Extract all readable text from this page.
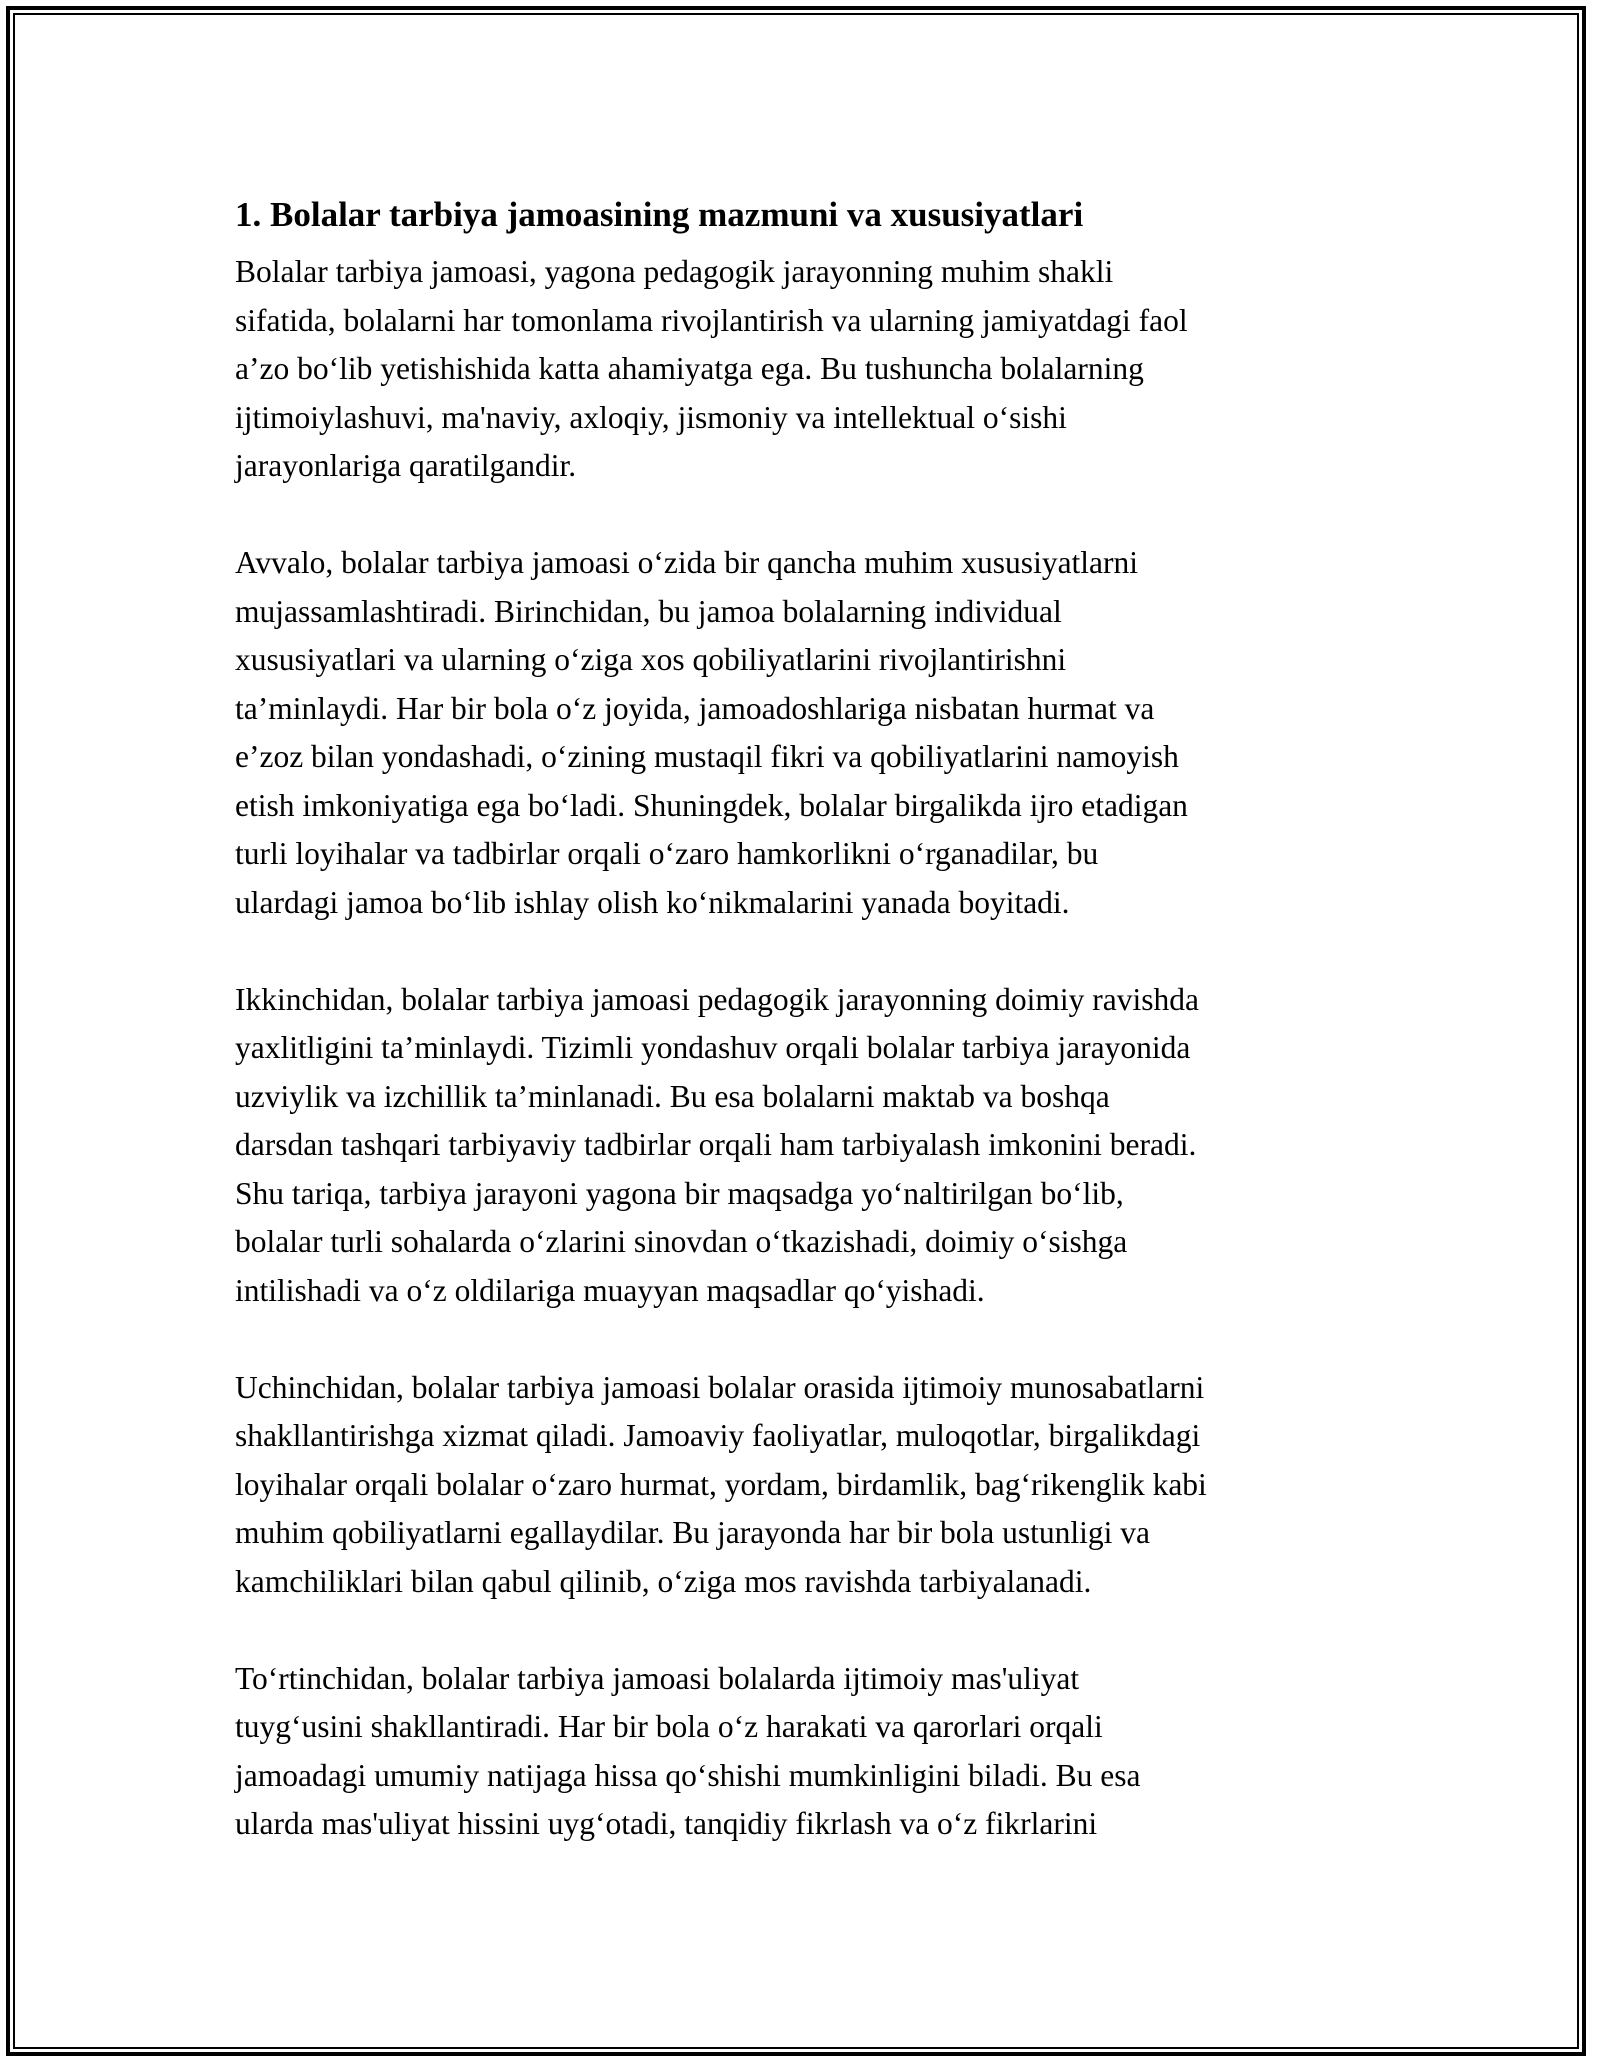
1. Bolalar tarbiya jamoasining mazmuni va xususiyatlari

Bolalar tarbiya jamoasi, yagona pedagogik jarayonning muhim shakli
sifatida, bolalarni har tomonlama rivojlantirish va ularning jamiyatdagi faol
a’zo bo‘lib yetishishida katta ahamiyatga ega. Bu tushuncha bolalarning
ijtimoiylashuvi, ma'naviy, axloqiy, jismoniy va intellektual o‘sishi
jarayonlariga qaratilgandir.

Avvalo, bolalar tarbiya jamoasi o‘zida bir qancha muhim xususiyatlarni
mujassamlashtiradi. Birinchidan, bu jamoa bolalarning individual
xususiyatlari va ularning o‘ziga xos qobiliyatlarini rivojlantirishni
ta’minlaydi. Har bir bola o‘z joyida, jamoadoshlariga nisbatan hurmat va
e’zoz bilan yondashadi, o‘zining mustaqil fikri va qobiliyatlarini namoyish
etish imkoniyatiga ega bo‘ladi. Shuningdek, bolalar birgalikda ijro etadigan
turli loyihalar va tadbirlar orqali o‘zaro hamkorlikni o‘rganadilar, bu
ulardagi jamoa bo‘lib ishlay olish ko‘nikmalarini yanada boyitadi.

Ikkinchidan, bolalar tarbiya jamoasi pedagogik jarayonning doimiy ravishda
yaxlitligini ta’minlaydi. Tizimli yondashuv orqali bolalar tarbiya jarayonida
uzviylik va izchillik ta’minlanadi. Bu esa bolalarni maktab va boshqa
darsdan tashqari tarbiyaviy tadbirlar orqali ham tarbiyalash imkonini beradi.
Shu tariqa, tarbiya jarayoni yagona bir maqsadga yo‘naltirilgan bo‘lib,
bolalar turli sohalarda o‘zlarini sinovdan o‘tkazishadi, doimiy o‘sishga
intilishadi va o‘z oldilariga muayyan maqsadlar qo‘yishadi.

Uchinchidan, bolalar tarbiya jamoasi bolalar orasida ijtimoiy munosabatlarni
shakllantirishga xizmat qiladi. Jamoaviy faoliyatlar, muloqotlar, birgalikdagi
loyihalar orqali bolalar o‘zaro hurmat, yordam, birdamlik, bag‘rikenglik kabi
muhim qobiliyatlarni egallaydilar. Bu jarayonda har bir bola ustunligi va
kamchiliklari bilan qabul qilinib, o‘ziga mos ravishda tarbiyalanadi.

To‘rtinchidan, bolalar tarbiya jamoasi bolalarda ijtimoiy mas'uliyat
tuyg‘usini shakllantiradi. Har bir bola o‘z harakati va qarorlari orqali
jamoadagi umumiy natijaga hissa qo‘shishi mumkinligini biladi. Bu esa
ularda mas'uliyat hissini uyg‘otadi, tanqidiy fikrlash va o‘z fikrlarini
